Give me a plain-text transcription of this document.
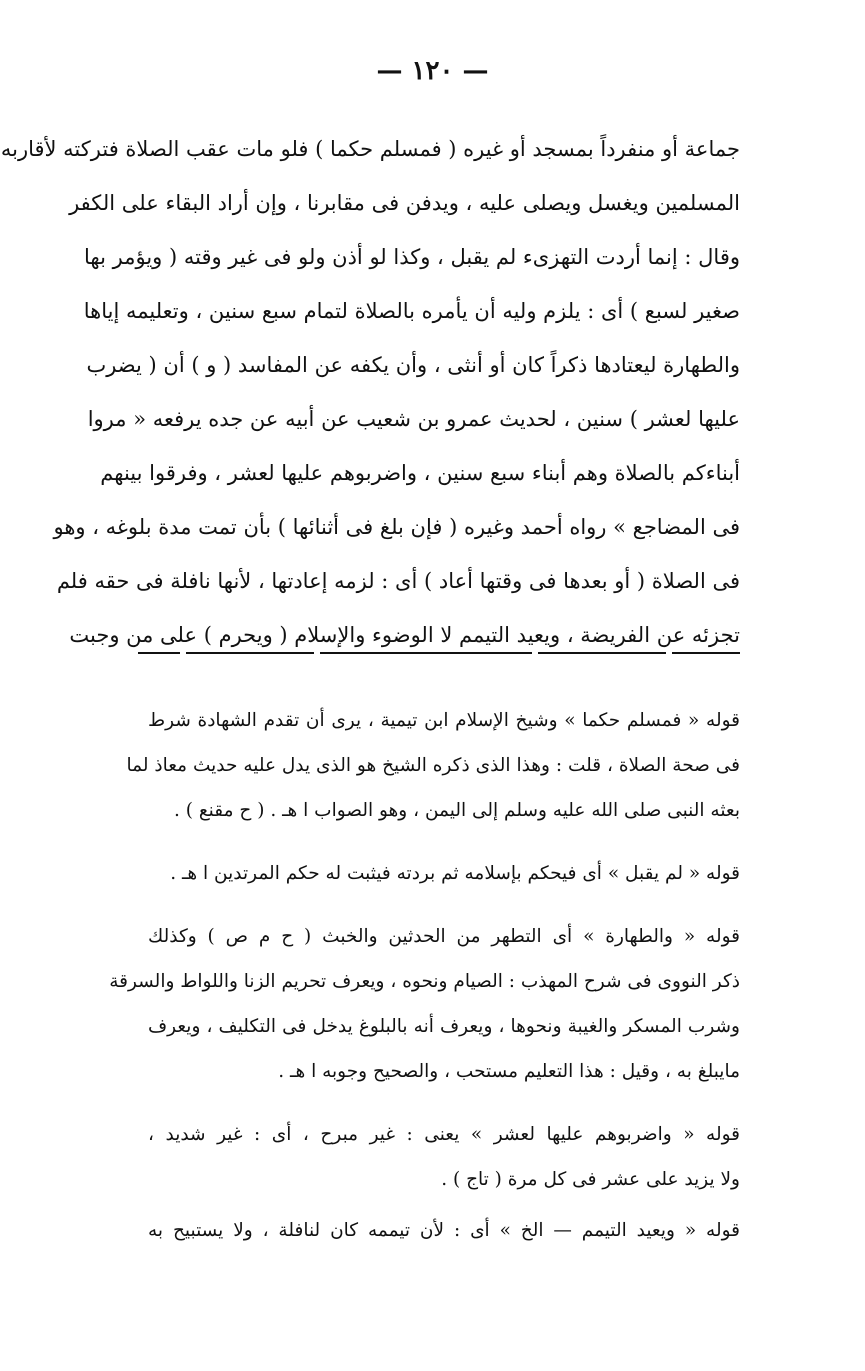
— ١٢٠ —
جماعة أو منفرداً بمسجد أو غيره ( فمسلم حكما ) فلو مات عقب الصلاة فتركته لأقاربه
المسلمين ويغسل ويصلى عليه ، ويدفن فى مقابرنا ، وإن أراد البقاء على الكفر
وقال : إنما أردت التهزىء لم يقبل ، وكذا لو أذن ولو فى غير وقته ( ويؤمر بها
صغير لسبع ) أى : يلزم وليه أن يأمره بالصلاة لتمام سبع سنين ، وتعليمه إياها
والطهارة ليعتادها ذكراً كان أو أنثى ، وأن يكفه عن المفاسد ( و ) أن ( يضرب
عليها لعشر ) سنين ، لحديث عمرو بن شعيب عن أبيه عن جده يرفعه « مروا
أبناءكم بالصلاة وهم أبناء سبع سنين ، واضربوهم عليها لعشر ، وفرقوا بينهم
فى المضاجع » رواه أحمد وغيره ( فإن بلغ فى أثنائها ) بأن تمت مدة بلوغه ، وهو
فى الصلاة ( أو بعدها فى وقتها أعاد ) أى : لزمه إعادتها ، لأنها نافلة فى حقه فلم
تجزئه عن الفريضة ، ويعيد التيمم لا الوضوء والإسلام ( ويحرم ) على من وجبت
قوله « فمسلم حكما » وشيخ الإسلام ابن تيمية ، يرى أن تقدم الشهادة شرط
فى صحة الصلاة ، قلت : وهذا الذى ذكره الشيخ هو الذى يدل عليه حديث معاذ لما
بعثه النبى صلى الله عليه وسلم إلى اليمن ، وهو الصواب ا هـ . ( ح مقنع ) .
قوله « لم يقبل » أى فيحكم بإسلامه ثم بردته فيثبت له حكم المرتدين ا هـ .
قوله « والطهارة » أى التطهر من الحدثين والخبث ( ح م ص ) وكذلك
ذكر النووى فى شرح المهذب : الصيام ونحوه ، ويعرف تحريم الزنا واللواط والسرقة
وشرب المسكر والغيبة ونحوها ، ويعرف أنه بالبلوغ يدخل فى التكليف ، ويعرف
مايبلغ به ، وقيل : هذا التعليم مستحب ، والصحيح وجوبه ا هـ .
قوله « واضربوهم عليها لعشر » يعنى : غير مبرح ، أى : غير شديد ،
ولا يزيد على عشر فى كل مرة ( تاج ) .
قوله « ويعيد التيمم — الخ » أى : لأن تيممه كان لنافلة ، ولا يستبيح به
